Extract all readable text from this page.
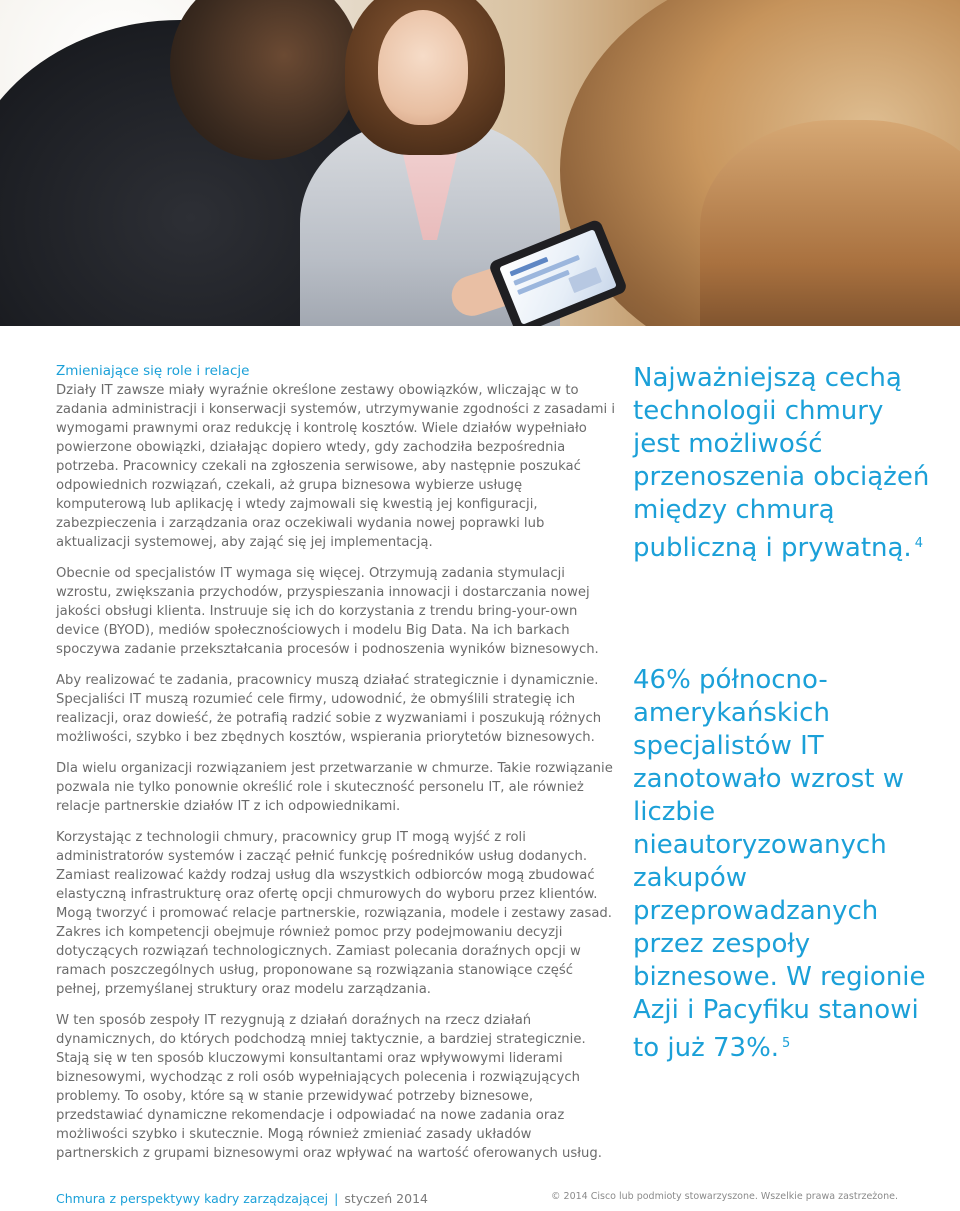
Zmieniające się role i relacje

Działy IT zawsze miały wyraźnie określone zestawy obowiązków, wliczając w to zadania administracji i konserwacji systemów, utrzymywanie zgodności z zasadami i wymogami prawnymi oraz redukcję i kontrolę kosztów. Wiele działów wypełniało powierzone obowiązki, działając dopiero wtedy, gdy zachodziła bezpośrednia potrzeba. Pracownicy czekali na zgłoszenia serwisowe, aby następnie poszukać odpowiednich rozwiązań, czekali, aż grupa biznesowa wybierze usługę komputerową lub aplikację i wtedy zajmowali się kwestią jej konfiguracji, zabezpieczenia i zarządzania oraz oczekiwali wydania nowej poprawki lub aktualizacji systemowej, aby zająć się jej implementacją.

Obecnie od specjalistów IT wymaga się więcej. Otrzymują zadania stymulacji wzrostu, zwiększania przychodów, przyspieszania innowacji i dostarczania nowej jakości obsługi klienta. Instruuje się ich do korzystania z trendu bring-your-own device (BYOD), mediów społecznościowych i modelu Big Data. Na ich barkach spoczywa zadanie przekształcania procesów i podnoszenia wyników biznesowych.

Aby realizować te zadania, pracownicy muszą działać strategicznie i dynamicznie. Specjaliści IT muszą rozumieć cele firmy, udowodnić, że obmyślili strategię ich realizacji, oraz dowieść, że potrafią radzić sobie z wyzwaniami i poszukują różnych możliwości, szybko i bez zbędnych kosztów, wspierania priorytetów biznesowych.

Dla wielu organizacji rozwiązaniem jest przetwarzanie w chmurze. Takie rozwiązanie pozwala nie tylko ponownie określić role i skuteczność personelu IT, ale również relacje partnerskie działów IT z ich odpowiednikami.

Korzystając z technologii chmury, pracownicy grup IT mogą wyjść z roli administratorów systemów i zacząć pełnić funkcję pośredników usług dodanych. Zamiast realizować każdy rodzaj usług dla wszystkich odbiorców mogą zbudować elastyczną infrastrukturę oraz ofertę opcji chmurowych do wyboru przez klientów. Mogą tworzyć i promować relacje partnerskie, rozwiązania, modele i zestawy zasad. Zakres ich kompetencji obejmuje również pomoc przy podejmowaniu decyzji dotyczących rozwiązań technologicznych. Zamiast polecania doraźnych opcji w ramach poszczególnych usług, proponowane są rozwiązania stanowiące część pełnej, przemyślanej struktury oraz modelu zarządzania.

W ten sposób zespoły IT rezygnują z działań doraźnych na rzecz działań dynamicznych, do których podchodzą mniej taktycznie, a bardziej strategicznie. Stają się w ten sposób kluczowymi konsultantami oraz wpływowymi liderami biznesowymi, wychodząc z roli osób wypełniających polecenia i rozwiązujących problemy. To osoby, które są w stanie przewidywać potrzeby biznesowe, przedstawiać dynamiczne rekomendacje i odpowiadać na nowe zadania oraz możliwości szybko i skutecznie. Mogą również zmieniać zasady układów partnerskich z grupami biznesowymi oraz wpływać na wartość oferowanych usług.

Najważniejszą cechą technologii chmury jest możliwość przenoszenia obciążeń między chmurą publiczną i prywatną. $^4$

46% północno-amerykańskich specjalistów IT zanotowało wzrost w liczbie nieautoryzowanych zakupów przeprowadzanych przez zespoły biznesowe. W regionie Azji i Pacyfiku stanowi to już 73%. $^5$

Chmura z perspektywy kadry zarządzającej | styczeń 2014	© 2014 Cisco lub podmioty stowarzyszone. Wszelkie prawa zastrzeżone.
